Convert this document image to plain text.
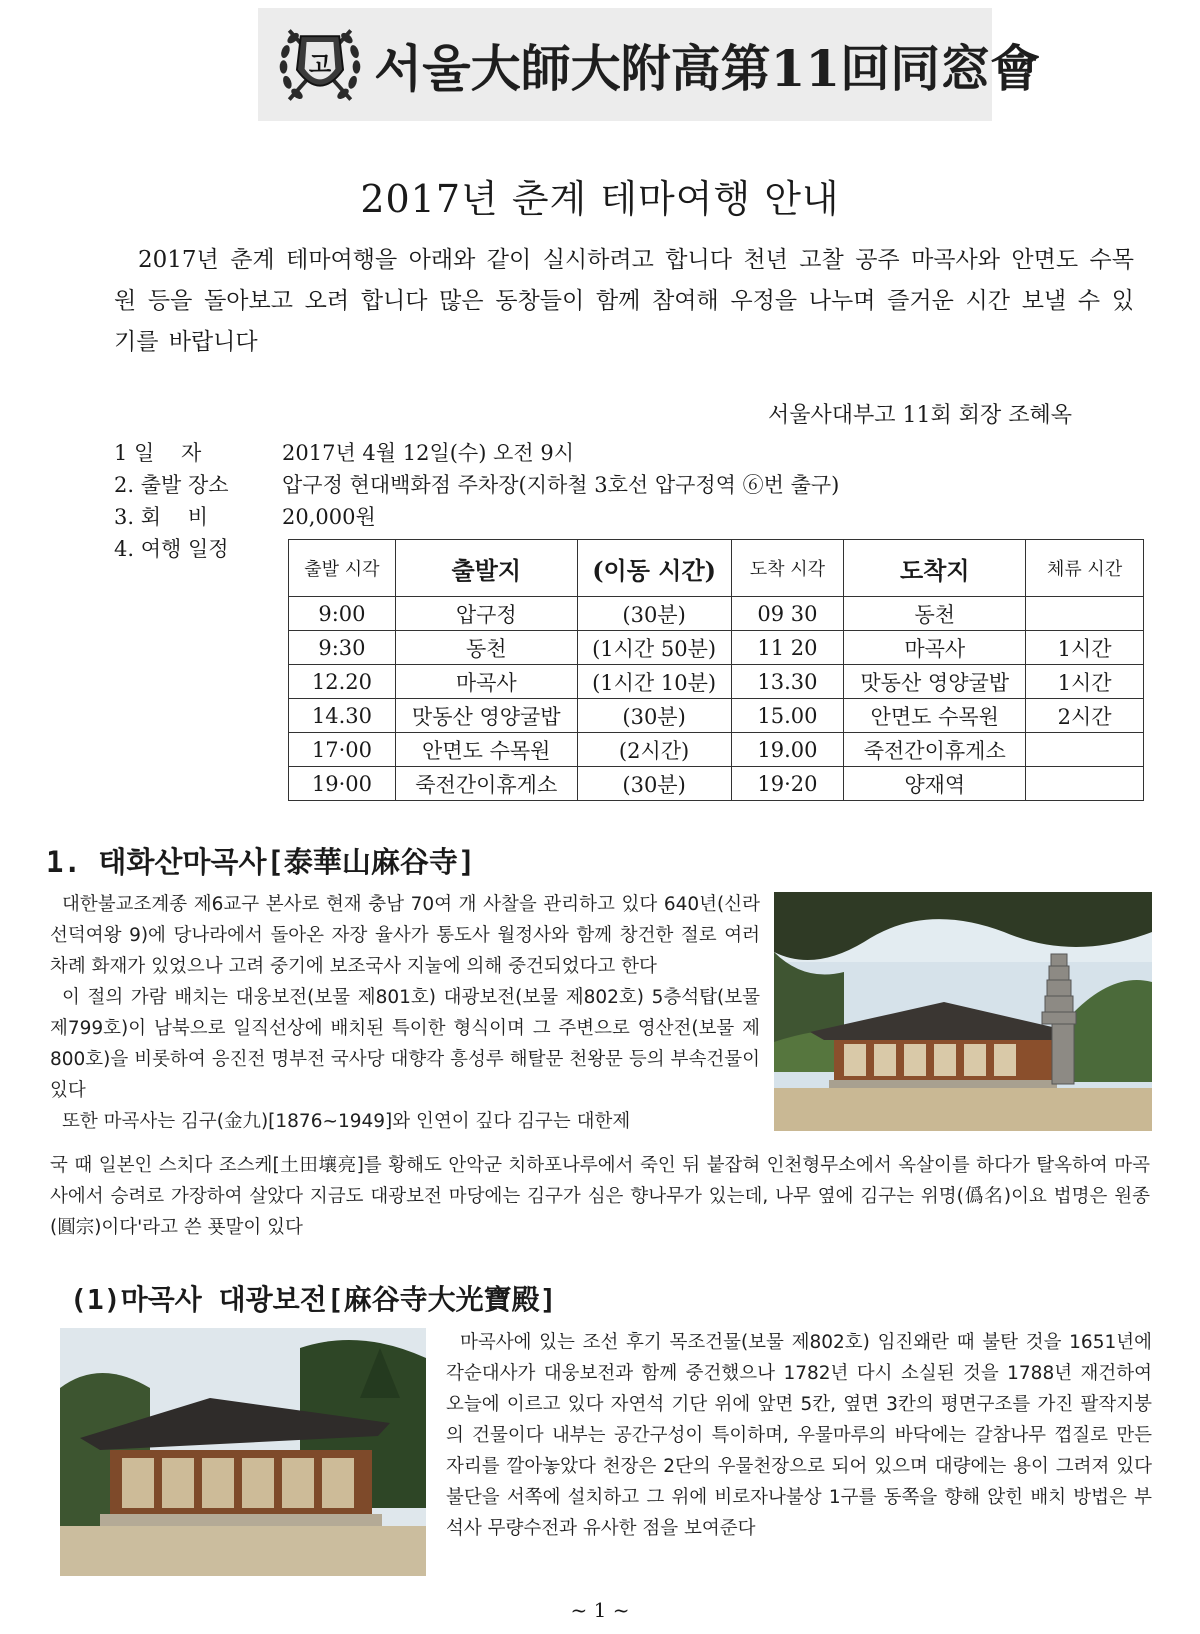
고 서울大師大附高第11回同窓會
2017년 춘계 테마여행 안내

2017년 춘계 테마여행을 아래와 같이 실시하려고 합니다 천년 고찰 공주 마곡사와 안면도 수목원 등을 돌아보고 오려 합니다 많은 동창들이 함께 참여해 우정을 나누며 즐거운 시간 보낼 수 있기를 바랍니다

서울사대부고 11회 회장 조혜옥
1 일    자	2017년 4월 12일(수) 오전 9시
2. 출발 장소	압구정 현대백화점 주차장(지하철 3호선 압구정역 ⑥번 출구)
3. 회    비	20,000원
4. 여행 일정
출발 시각	출발지	(이동 시간)	도착 시각	도착지	체류 시간
9:00	압구정	(30분)	09 30	동천	
9:30	동천	(1시간 50분)	11 20	마곡사	1시간
12.20	마곡사	(1시간 10분)	13.30	맛동산 영양굴밥	1시간
14.30	맛동산 영양굴밥	(30분)	15.00	안면도 수목원	2시간
17·00	안면도 수목원	(2시간)	19.00	죽전간이휴게소	
19·00	죽전간이휴게소	(30분)	19·20	양재역	
1. 태화산마곡사[泰華山麻谷寺]

대한불교조계종 제6교구 본사로 현재 충남 70여 개 사찰을 관리하고 있다 640년(신라 선덕여왕 9)에 당나라에서 돌아온 자장 율사가 통도사 월정사와 함께 창건한 절로 여러 차례 화재가 있었으나 고려 중기에 보조국사 지눌에 의해 중건되었다고 한다

이 절의 가람 배치는 대웅보전(보물 제801호) 대광보전(보물 제802호) 5층석탑(보물 제799호)이 남북으로 일직선상에 배치된 특이한 형식이며 그 주변으로 영산전(보물 제800호)을 비롯하여 응진전 명부전 국사당 대향각 흥성루 해탈문 천왕문 등의 부속건물이 있다

또한 마곡사는 김구(金九)[1876~1949]와 인연이 깊다 김구는 대한제

국 때 일본인 스치다 조스케[土田壤亮]를 황해도 안악군 치하포나루에서 죽인 뒤 붙잡혀 인천형무소에서 옥살이를 하다가 탈옥하여 마곡사에서 승려로 가장하여 살았다 지금도 대광보전 마당에는 김구가 심은 향나무가 있는데, 나무 옆에 김구는 위명(僞名)이요 법명은 원종(圓宗)이다'라고 쓴 푯말이 있다

(1)마곡사 대광보전[麻谷寺大光寶殿]

마곡사에 있는 조선 후기 목조건물(보물 제802호) 임진왜란 때 불탄 것을 1651년에 각순대사가 대웅보전과 함께 중건했으나 1782년 다시 소실된 것을 1788년 재건하여 오늘에 이르고 있다 자연석 기단 위에 앞면 5칸, 옆면 3칸의 평면구조를 가진 팔작지붕의 건물이다 내부는 공간구성이 특이하며, 우물마루의 바닥에는 갈참나무 껍질로 만든 자리를 깔아놓았다 천장은 2단의 우물천장으로 되어 있으며 대량에는 용이 그려져 있다 불단을 서쪽에 설치하고 그 위에 비로자나불상 1구를 동쪽을 향해 앉힌 배치 방법은 부석사 무량수전과 유사한 점을 보여준다

~ 1 ~
